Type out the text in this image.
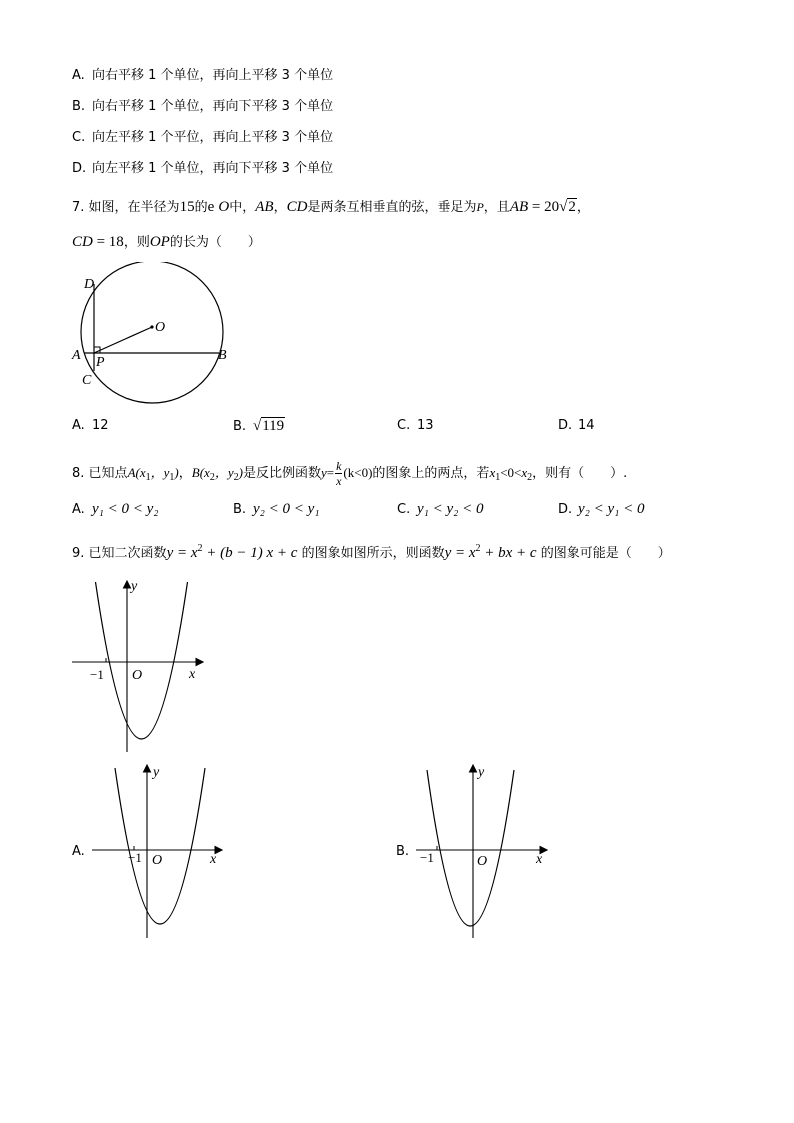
A. 向右平移 1 个单位，再向上平移 3 个单位
B. 向右平移 1 个单位，再向下平移 3 个单位
C. 向左平移 1 个平位，再向上平移 3 个单位
D. 向左平移 1 个单位，再向下平移 3 个单位
7. 如图，在半径为15的e O中，AB，CD是两条互相垂直的弦，垂足为P，且AB = 20√2，
CD = 18，则OP的长为（　　）
D
O
A P	B
C
A. 12	B. √119	C. 13	D. 14
8. 已知点$A(x_1$，$y_1$)，$B(x_2$，$y_2$)是反比例函数$y= \frac{k}{x} (k<0)$的图象上的两点，若$x_1<0<x_2$，则有（　　）.
A. y₁ < 0 < y₂	B. y₂ < 0 < y₁	C. y₁ < y₂ < 0	D. y₂ < y₁ < 0
9. 已知二次函数$y = x^2 + (b - 1) x + c$ 的图象如图所示，则函数$y = x^2$ + bx + c 的图象可能是（　　）
y
x
O
−1
A.
y
x
O
−1	B.
y
x
O
−1
